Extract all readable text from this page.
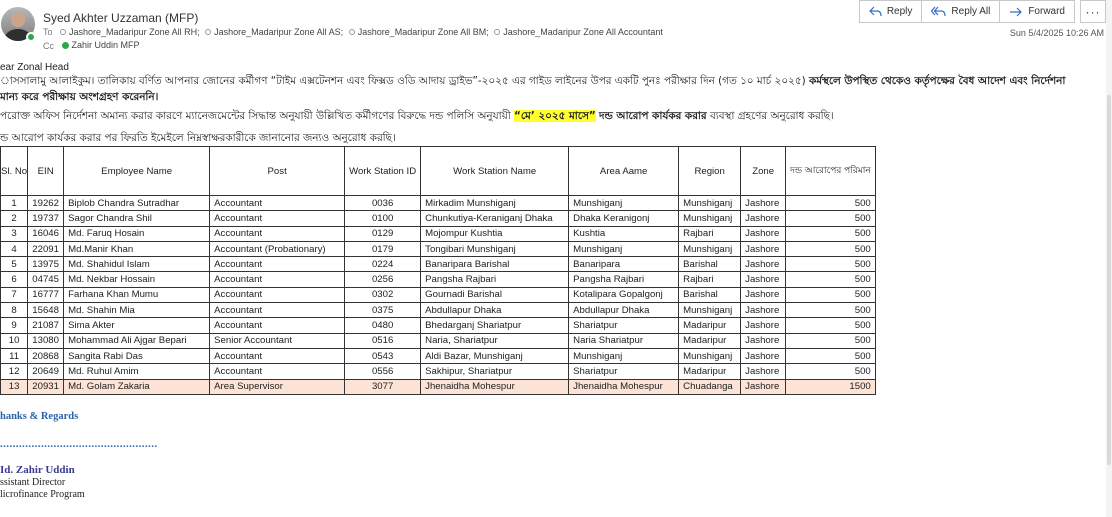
Syed Akhter Uzzaman (MFP)
To Jashore_Madaripur Zone All RH;
Jashore_Madaripur Zone All AS;
Jashore_Madaripur Zone All BM;
Jashore_Madaripur Zone All Accountant
Cc Zahir Uddin MFP
Reply	Reply All	Forward	···
Sun 5/4/2025 10:26 AM
ear Zonal Head
াসসালামু আলাইকুম। তালিকায় বর্ণিত আপনার জোনের কর্মীগণ “টাইম এক্সটেনশন এবং ফিক্সড ওডি আদায় ড্রাইভ”-২০২৫ এর গাইড লাইনের উপর একটি পুনঃ পরীক্ষার দিন (গত ১০ মার্চ ২০২৫) কর্মস্থলে উপস্থিত থেকেও কর্তৃপক্ষের বৈধ আদেশ এবং নির্দেশনা
মান্য করে পরীক্ষায় অংশগ্রহণ করেননি।
পরোক্ত অফিস নির্দেশনা অমান্য করার কারণে ম্যানেজমেন্টের সিদ্ধান্ত অনুযায়ী উল্লিখিত কর্মীগণের বিরুদ্ধে দন্ড পলিসি অনুযায়ী “মে’ ২০২৫ মাসে” দন্ড আরোপ কার্যকর করার ব্যবস্থা গ্রহণের অনুরোধ করছি।
ন্ড আরোপ কার্যকর করার পর ফিরতি ইমেইলে নিম্নস্বাক্ষরকারীকে জানানোর জন্যও অনুরোধ করছি।
Sl. No	EIN	Employee Name	Post	Work Station ID	Work Station Name	Area Aame	Region	Zone	দন্ড আরোপের পরিমান
1	19262	Biplob Chandra Sutradhar	Accountant	0036	Mirkadim Munshiganj	Munshiganj	Munshiganj	Jashore	500
2	19737	Sagor Chandra Shil	Accountant	0100	Chunkutiya-Keraniganj Dhaka	Dhaka Keranigonj	Munshiganj	Jashore	500
3	16046	Md. Faruq Hosain	Accountant	0129	Mojompur Kushtia	Kushtia	Rajbari	Jashore	500
4	22091	Md.Manir Khan	Accountant (Probationary)	0179	Tongibari Munshiganj	Munshiganj	Munshiganj	Jashore	500
5	13975	Md. Shahidul Islam	Accountant	0224	Banaripara Barishal	Banaripara	Barishal	Jashore	500
6	04745	Md. Nekbar Hossain	Accountant	0256	Pangsha Rajbari	Pangsha Rajbari	Rajbari	Jashore	500
7	16777	Farhana Khan Mumu	Accountant	0302	Gournadi Barishal	Kotalipara Gopalgonj	Barishal	Jashore	500
8	15648	Md. Shahin Mia	Accountant	0375	Abdullapur Dhaka	Abdullapur Dhaka	Munshiganj	Jashore	500
9	21087	Sima Akter	Accountant	0480	Bhedarganj Shariatpur	Shariatpur	Madaripur	Jashore	500
10	13080	Mohammad Ali Ajgar Bepari	Senior Accountant	0516	Naria, Shariatpur	Naria Shariatpur	Madaripur	Jashore	500
11	20868	Sangita Rabi Das	Accountant	0543	Aldi Bazar, Munshiganj	Munshiganj	Munshiganj	Jashore	500
12	20649	Md. Ruhul Amim	Accountant	0556	Sakhipur, Shariatpur	Shariatpur	Madaripur	Jashore	500
13	20931	Md. Golam Zakaria	Area Supervisor	3077	Jhenaidha Mohespur	Jhenaidha Mohespur	Chuadanga	Jashore	1500
hanks & Regards
..................................................
Id. Zahir Uddin
ssistant Director
licrofinance Program
